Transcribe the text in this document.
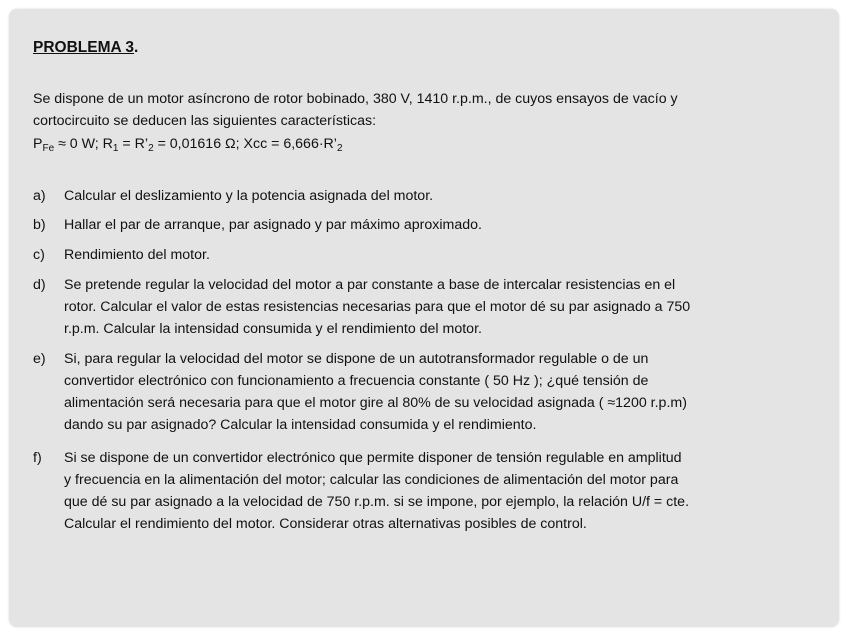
PROBLEMA 3.
Se dispone de un motor asíncrono de rotor bobinado, 380 V, 1410 r.p.m., de cuyos ensayos de vacío y
cortocircuito se deducen las siguientes características:
$P_{Fe} \approx 0$ W; $R_1$ = $R’_2 = 0,01616$ Ω; Xcc = $6,666\cdot R’_2$
a)	Calcular el deslizamiento y la potencia asignada del motor.
b)	Hallar el par de arranque, par asignado y par máximo aproximado.
c)	Rendimiento del motor.
d)	Se pretende regular la velocidad del motor a par constante a base de intercalar resistencias en el
rotor. Calcular el valor de estas resistencias necesarias para que el motor dé su par asignado a 750
r.p.m. Calcular la intensidad consumida y el rendimiento del motor.
e)	Si, para regular la velocidad del motor se dispone de un autotransformador regulable o de un
convertidor electrónico con funcionamiento a frecuencia constante ( 50 Hz ); ¿qué tensión de
alimentación será necesaria para que el motor gire al 80% de su velocidad asignada ( ≈1200 r.p.m)
dando su par asignado? Calcular la intensidad consumida y el rendimiento.
f)	Si se dispone de un convertidor electrónico que permite disponer de tensión regulable en amplitud
y frecuencia en la alimentación del motor; calcular las condiciones de alimentación del motor para
que dé su par asignado a la velocidad de 750 r.p.m. si se impone, por ejemplo, la relación U/f = cte.
Calcular el rendimiento del motor. Considerar otras alternativas posibles de control.
